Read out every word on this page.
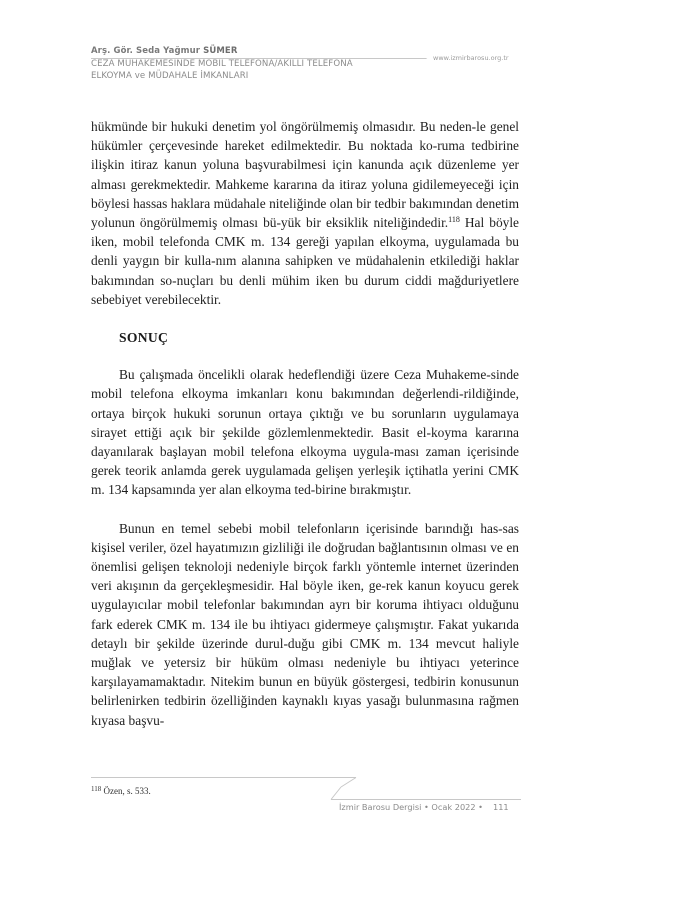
Arş. Gör. Seda Yağmur SÜMER
CEZA MUHAKEMESİNDE MOBİL TELEFONA/AKILLI TELEFONA
ELKOYMA ve MÜDAHALE İMKANLARI
www.izmirbarosu.org.tr

hükmünde bir hukuki denetim yol öngörülmemiş olmasıdır. Bu neden-le genel hükümler çerçevesinde hareket edilmektedir. Bu noktada ko-ruma tedbirine ilişkin itiraz kanun yoluna başvurabilmesi için kanunda açık düzenleme yer alması gerekmektedir. Mahkeme kararına da itiraz yoluna gidilemeyeceği için böylesi hassas haklara müdahale niteliğinde olan bir tedbir bakımından denetim yolunun öngörülmemiş olması bü-yük bir eksiklik niteliğindedir.$^{118}$ Hal böyle iken, mobil telefonda CMK m. 134 gereği yapılan elkoyma, uygulamada bu denli yaygın bir kulla-nım alanına sahipken ve müdahalenin etkilediği haklar bakımından so-nuçları bu denli mühim iken bu durum ciddi mağduriyetlere sebebiyet verebilecektir.

SONUÇ

Bu çalışmada öncelikli olarak hedeflendiği üzere Ceza Muhakeme-sinde mobil telefona elkoyma imkanları konu bakımından değerlendi-rildiğinde, ortaya birçok hukuki sorunun ortaya çıktığı ve bu sorunların uygulamaya sirayet ettiği açık bir şekilde gözlemlenmektedir. Basit el-koyma kararına dayanılarak başlayan mobil telefona elkoyma uygula-ması zaman içerisinde gerek teorik anlamda gerek uygulamada gelişen yerleşik içtihatla yerini CMK m. 134 kapsamında yer alan elkoyma ted-birine bırakmıştır.

Bunun en temel sebebi mobil telefonların içerisinde barındığı has-sas kişisel veriler, özel hayatımızın gizliliği ile doğrudan bağlantısının olması ve en önemlisi gelişen teknoloji nedeniyle birçok farklı yöntemle internet üzerinden veri akışının da gerçekleşmesidir. Hal böyle iken, ge-rek kanun koyucu gerek uygulayıcılar mobil telefonlar bakımından ayrı bir koruma ihtiyacı olduğunu fark ederek CMK m. 134 ile bu ihtiyacı gidermeye çalışmıştır. Fakat yukarıda detaylı bir şekilde üzerinde durul-duğu gibi CMK m. 134 mevcut haliyle muğlak ve yetersiz bir hüküm olması nedeniyle bu ihtiyacı yeterince karşılayamamaktadır. Nitekim bunun en büyük göstergesi, tedbirin konusunun belirlenirken tedbirin özelliğinden kaynaklı kıyas yasağı bulunmasına rağmen kıyasa başvu-

$^{118}$ Özen, s. 533.
İzmir Barosu Dergisi • Ocak 2022 • 111
